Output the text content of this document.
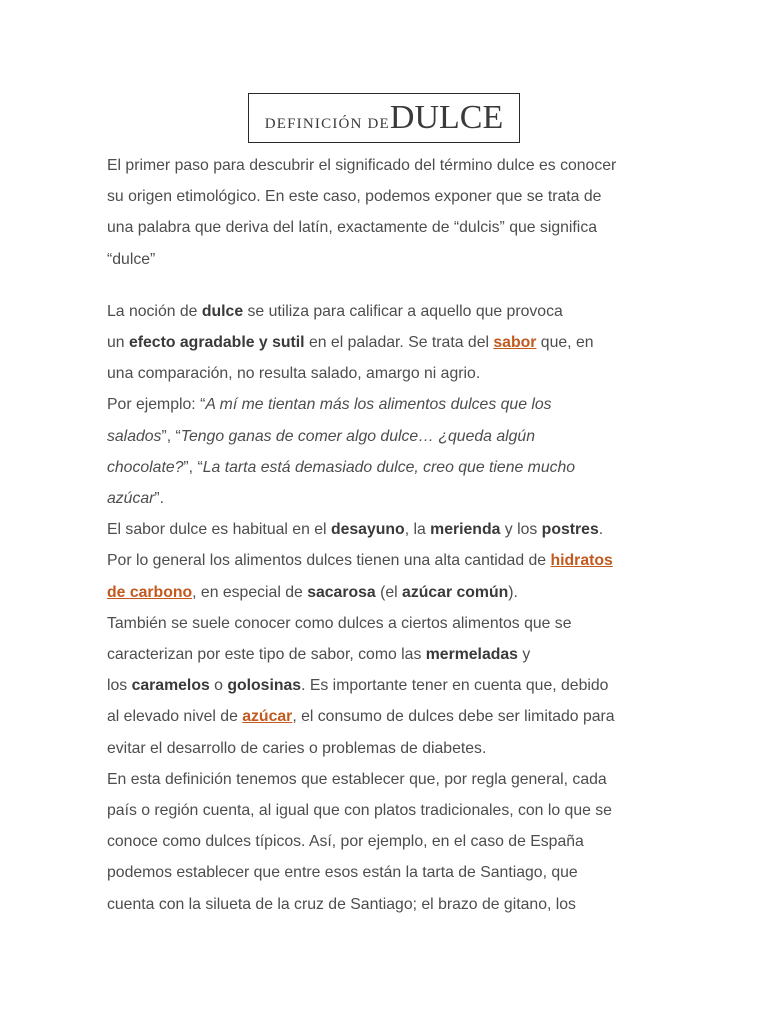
DEFINICIÓN DE DULCE

El primer paso para descubrir el significado del término dulce es conocer
su origen etimológico. En este caso, podemos exponer que se trata de
una palabra que deriva del latín, exactamente de “dulcis” que significa
“dulce”

La noción de dulce se utiliza para calificar a aquello que provoca
un efecto agradable y sutil en el paladar. Se trata del sabor que, en
una comparación, no resulta salado, amargo ni agrio.

Por ejemplo: “A mí me tientan más los alimentos dulces que los
salados”, “Tengo ganas de comer algo dulce… ¿queda algún
chocolate?”, “La tarta está demasiado dulce, creo que tiene mucho
azúcar”.

El sabor dulce es habitual en el desayuno, la merienda y los postres.
Por lo general los alimentos dulces tienen una alta cantidad de hidratos
de carbono, en especial de sacarosa (el azúcar común).

También se suele conocer como dulces a ciertos alimentos que se
caracterizan por este tipo de sabor, como las mermeladas y
los caramelos o golosinas. Es importante tener en cuenta que, debido
al elevado nivel de azúcar, el consumo de dulces debe ser limitado para
evitar el desarrollo de caries o problemas de diabetes.

En esta definición tenemos que establecer que, por regla general, cada
país o región cuenta, al igual que con platos tradicionales, con lo que se
conoce como dulces típicos. Así, por ejemplo, en el caso de España
podemos establecer que entre esos están la tarta de Santiago, que
cuenta con la silueta de la cruz de Santiago; el brazo de gitano, los
